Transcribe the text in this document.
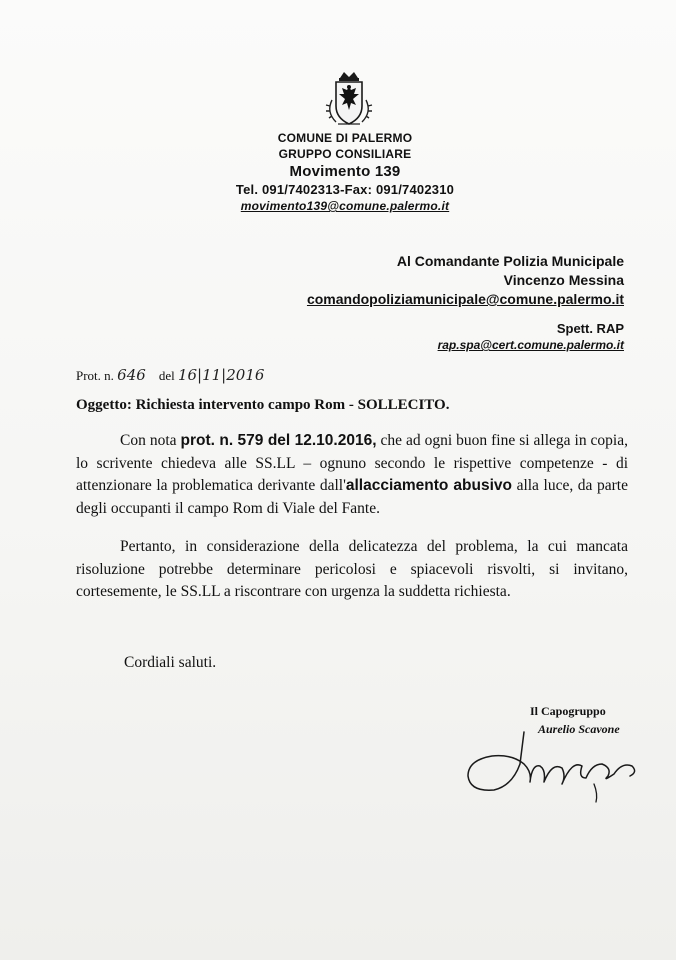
COMUNE DI PALERMO
GRUPPO CONSILIARE
Movimento 139
Tel. 091/7402313-Fax: 091/7402310
movimento139@comune.palermo.it
Al Comandante Polizia Municipale
Vincenzo Messina
comandopoliziamunicipale@comune.palermo.it
Spett. RAP
rap.spa@cert.comune.palermo.it
Prot. n. 646 del 16|11|2016
Oggetto: Richiesta intervento campo Rom - SOLLECITO.

Con nota prot. n. 579 del 12.10.2016, che ad ogni buon fine si allega in copia, lo scrivente chiedeva alle SS.LL – ognuno secondo le rispettive competenze - di attenzionare la problematica derivante dall'allacciamento abusivo alla luce, da parte degli occupanti il campo Rom di Viale del Fante.

Pertanto, in considerazione della delicatezza del problema, la cui mancata risoluzione potrebbe determinare pericolosi e spiacevoli risvolti, si invitano, cortesemente, le SS.LL a riscontrare con urgenza la suddetta richiesta.

Cordiali saluti.
Il Capogruppo
Aurelio Scavone
